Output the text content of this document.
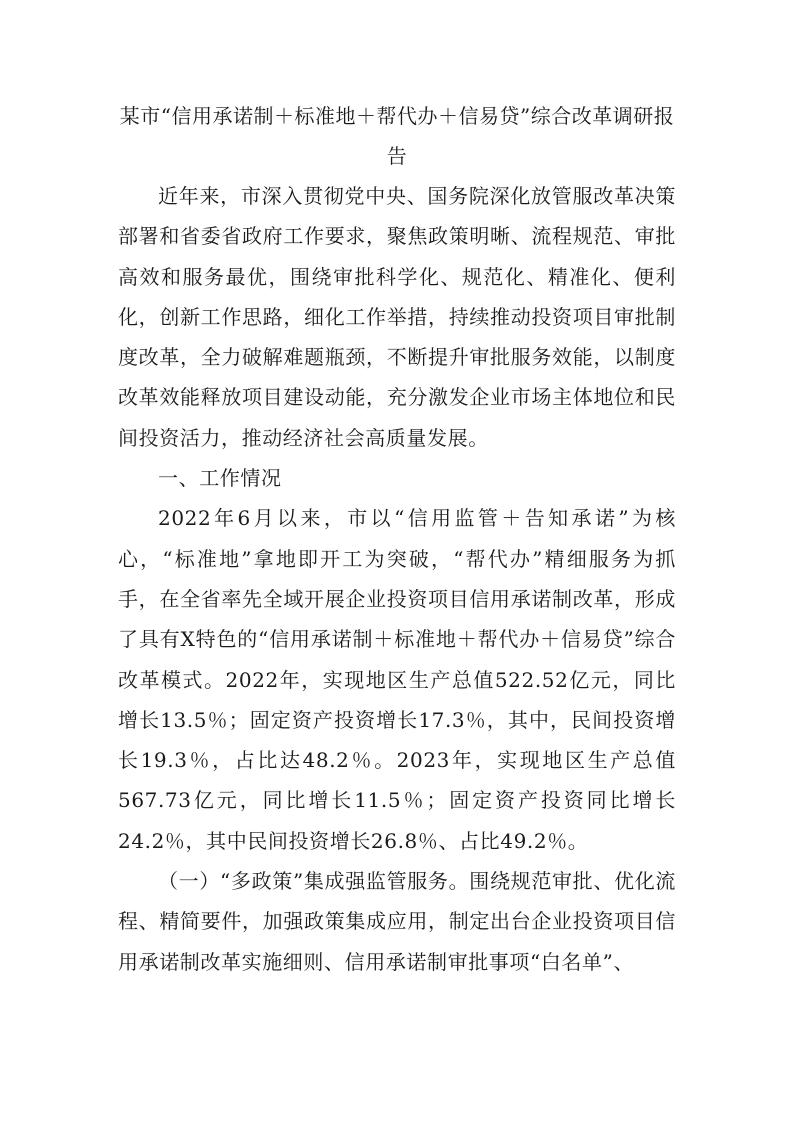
某市“信用承诺制＋标准地＋帮代办＋信易贷”综合改革调研报告

近年来，市深入贯彻党中央、国务院深化放管服改革决策部署和省委省政府工作要求，聚焦政策明晰、流程规范、审批高效和服务最优，围绕审批科学化、规范化、精准化、便利化，创新工作思路，细化工作举措，持续推动投资项目审批制度改革，全力破解难题瓶颈，不断提升审批服务效能，以制度改革效能释放项目建设动能，充分激发企业市场主体地位和民间投资活力，推动经济社会高质量发展。

一、工作情况

2022年6月以来，市以“信用监管＋告知承诺”为核心，“标准地”拿地即开工为突破，“帮代办”精细服务为抓手，在全省率先全域开展企业投资项目信用承诺制改革，形成了具有X特色的“信用承诺制＋标准地＋帮代办＋信易贷”综合改革模式。2022年，实现地区生产总值522.52亿元，同比增长13.5％；固定资产投资增长17.3％，其中，民间投资增长19.3％，占比达48.2％。2023年，实现地区生产总值567.73亿元，同比增长11.5％；固定资产投资同比增长24.2％，其中民间投资增长26.8％、占比49.2％。

（一）“多政策”集成强监管服务。围绕规范审批、优化流程、精简要件，加强政策集成应用，制定出台企业投资项目信用承诺制改革实施细则、信用承诺制审批事项“白名单”、
